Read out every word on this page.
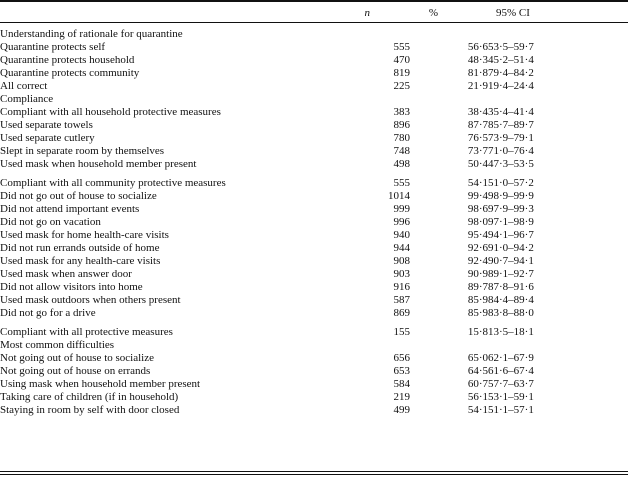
	n	%	95% CI

Understanding of rationale for quarantine			
Quarantine protects self	555	56·6	53·5–59·7
Quarantine protects household	470	48·3	45·2–51·4
Quarantine protects community	819	81·8	79·4–84·2
All correct	225	21·9	19·4–24·4
Compliance			
Compliant with all household protective measures	383	38·4	35·4–41·4
Used separate towels	896	87·7	85·7–89·7
Used separate cutlery	780	76·5	73·9–79·1
Slept in separate room by themselves	748	73·7	71·0–76·4
Used mask when household member present	498	50·4	47·3–53·5

Compliant with all community protective measures	555	54·1	51·0–57·2
Did not go out of house to socialize	1014	99·4	98·9–99·9
Did not attend important events	999	98·6	97·9–99·3
Did not go on vacation	996	98·0	97·1–98·9
Used mask for home health-care visits	940	95·4	94·1–96·7
Did not run errands outside of home	944	92·6	91·0–94·2
Used mask for any health-care visits	908	92·4	90·7–94·1
Used mask when answer door	903	90·9	89·1–92·7
Did not allow visitors into home	916	89·7	87·8–91·6
Used mask outdoors when others present	587	85·9	84·4–89·4
Did not go for a drive	869	85·9	83·8–88·0

Compliant with all protective measures	155	15·8	13·5–18·1
Most common difficulties			
Not going out of house to socialize	656	65·0	62·1–67·9
Not going out of house on errands	653	64·5	61·6–67·4
Using mask when household member present	584	60·7	57·7–63·7
Taking care of children (if in household)	219	56·1	53·1–59·1
Staying in room by self with door closed	499	54·1	51·1–57·1
